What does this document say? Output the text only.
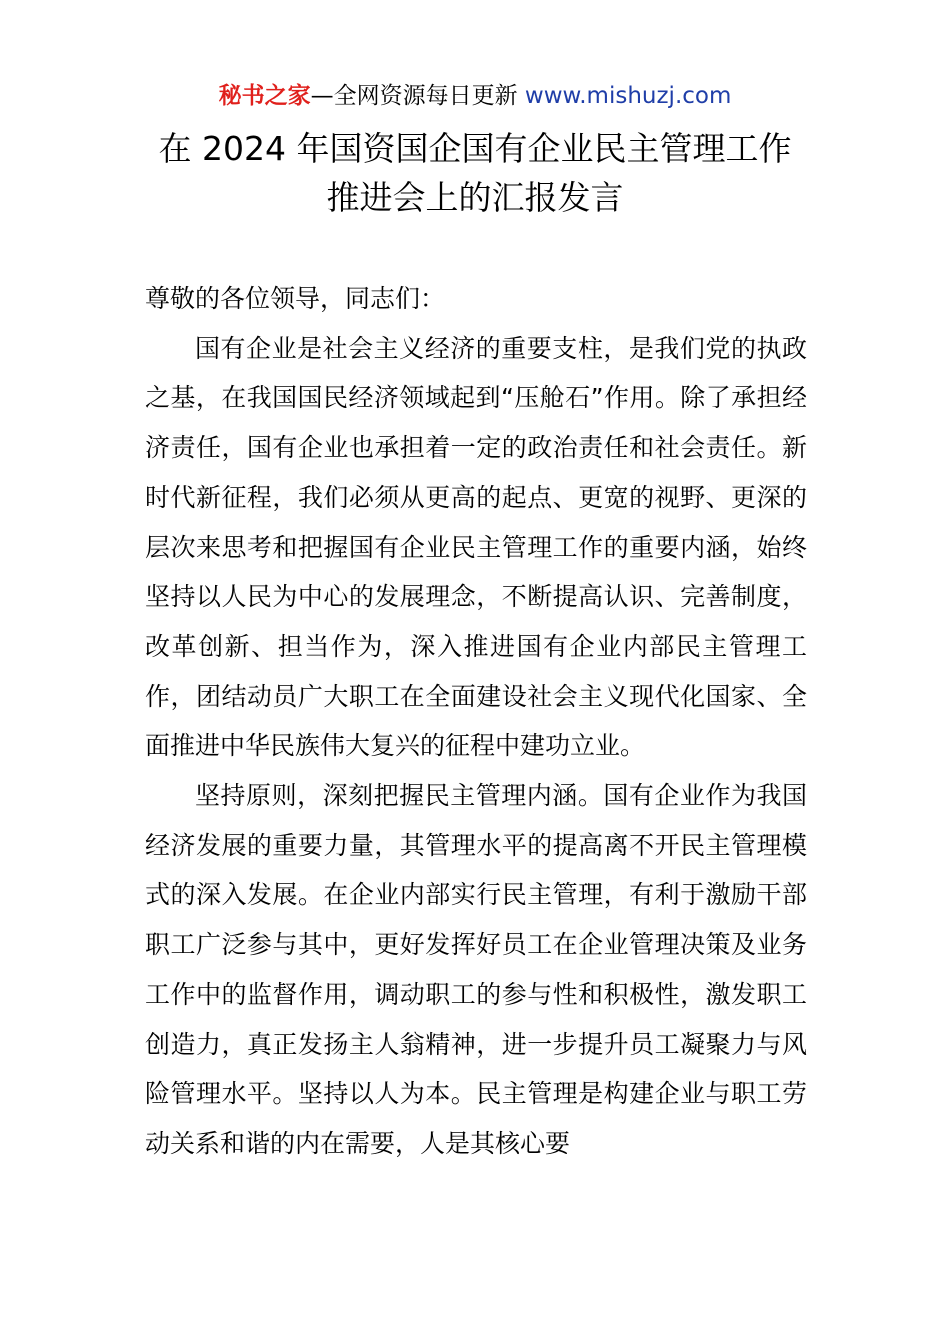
秘书之家—全网资源每日更新 www.mishuzj.com
在 2024 年国资国企国有企业民主管理工作
推进会上的汇报发言

尊敬的各位领导，同志们：

国有企业是社会主义经济的重要支柱，是我们党的执政之基，在我国国民经济领域起到“压舱石”作用。除了承担经济责任，国有企业也承担着一定的政治责任和社会责任。新时代新征程，我们必须从更高的起点、更宽的视野、更深的层次来思考和把握国有企业民主管理工作的重要内涵，始终坚持以人民为中心的发展理念，不断提高认识、完善制度，改革创新、担当作为，深入推进国有企业内部民主管理工作，团结动员广大职工在全面建设社会主义现代化国家、全面推进中华民族伟大复兴的征程中建功立业。

坚持原则，深刻把握民主管理内涵。国有企业作为我国经济发展的重要力量，其管理水平的提高离不开民主管理模式的深入发展。在企业内部实行民主管理，有利于激励干部职工广泛参与其中，更好发挥好员工在企业管理决策及业务工作中的监督作用，调动职工的参与性和积极性，激发职工创造力，真正发扬主人翁精神，进一步提升员工凝聚力与风险管理水平。坚持以人为本。民主管理是构建企业与职工劳动关系和谐的内在需要，人是其核心要
